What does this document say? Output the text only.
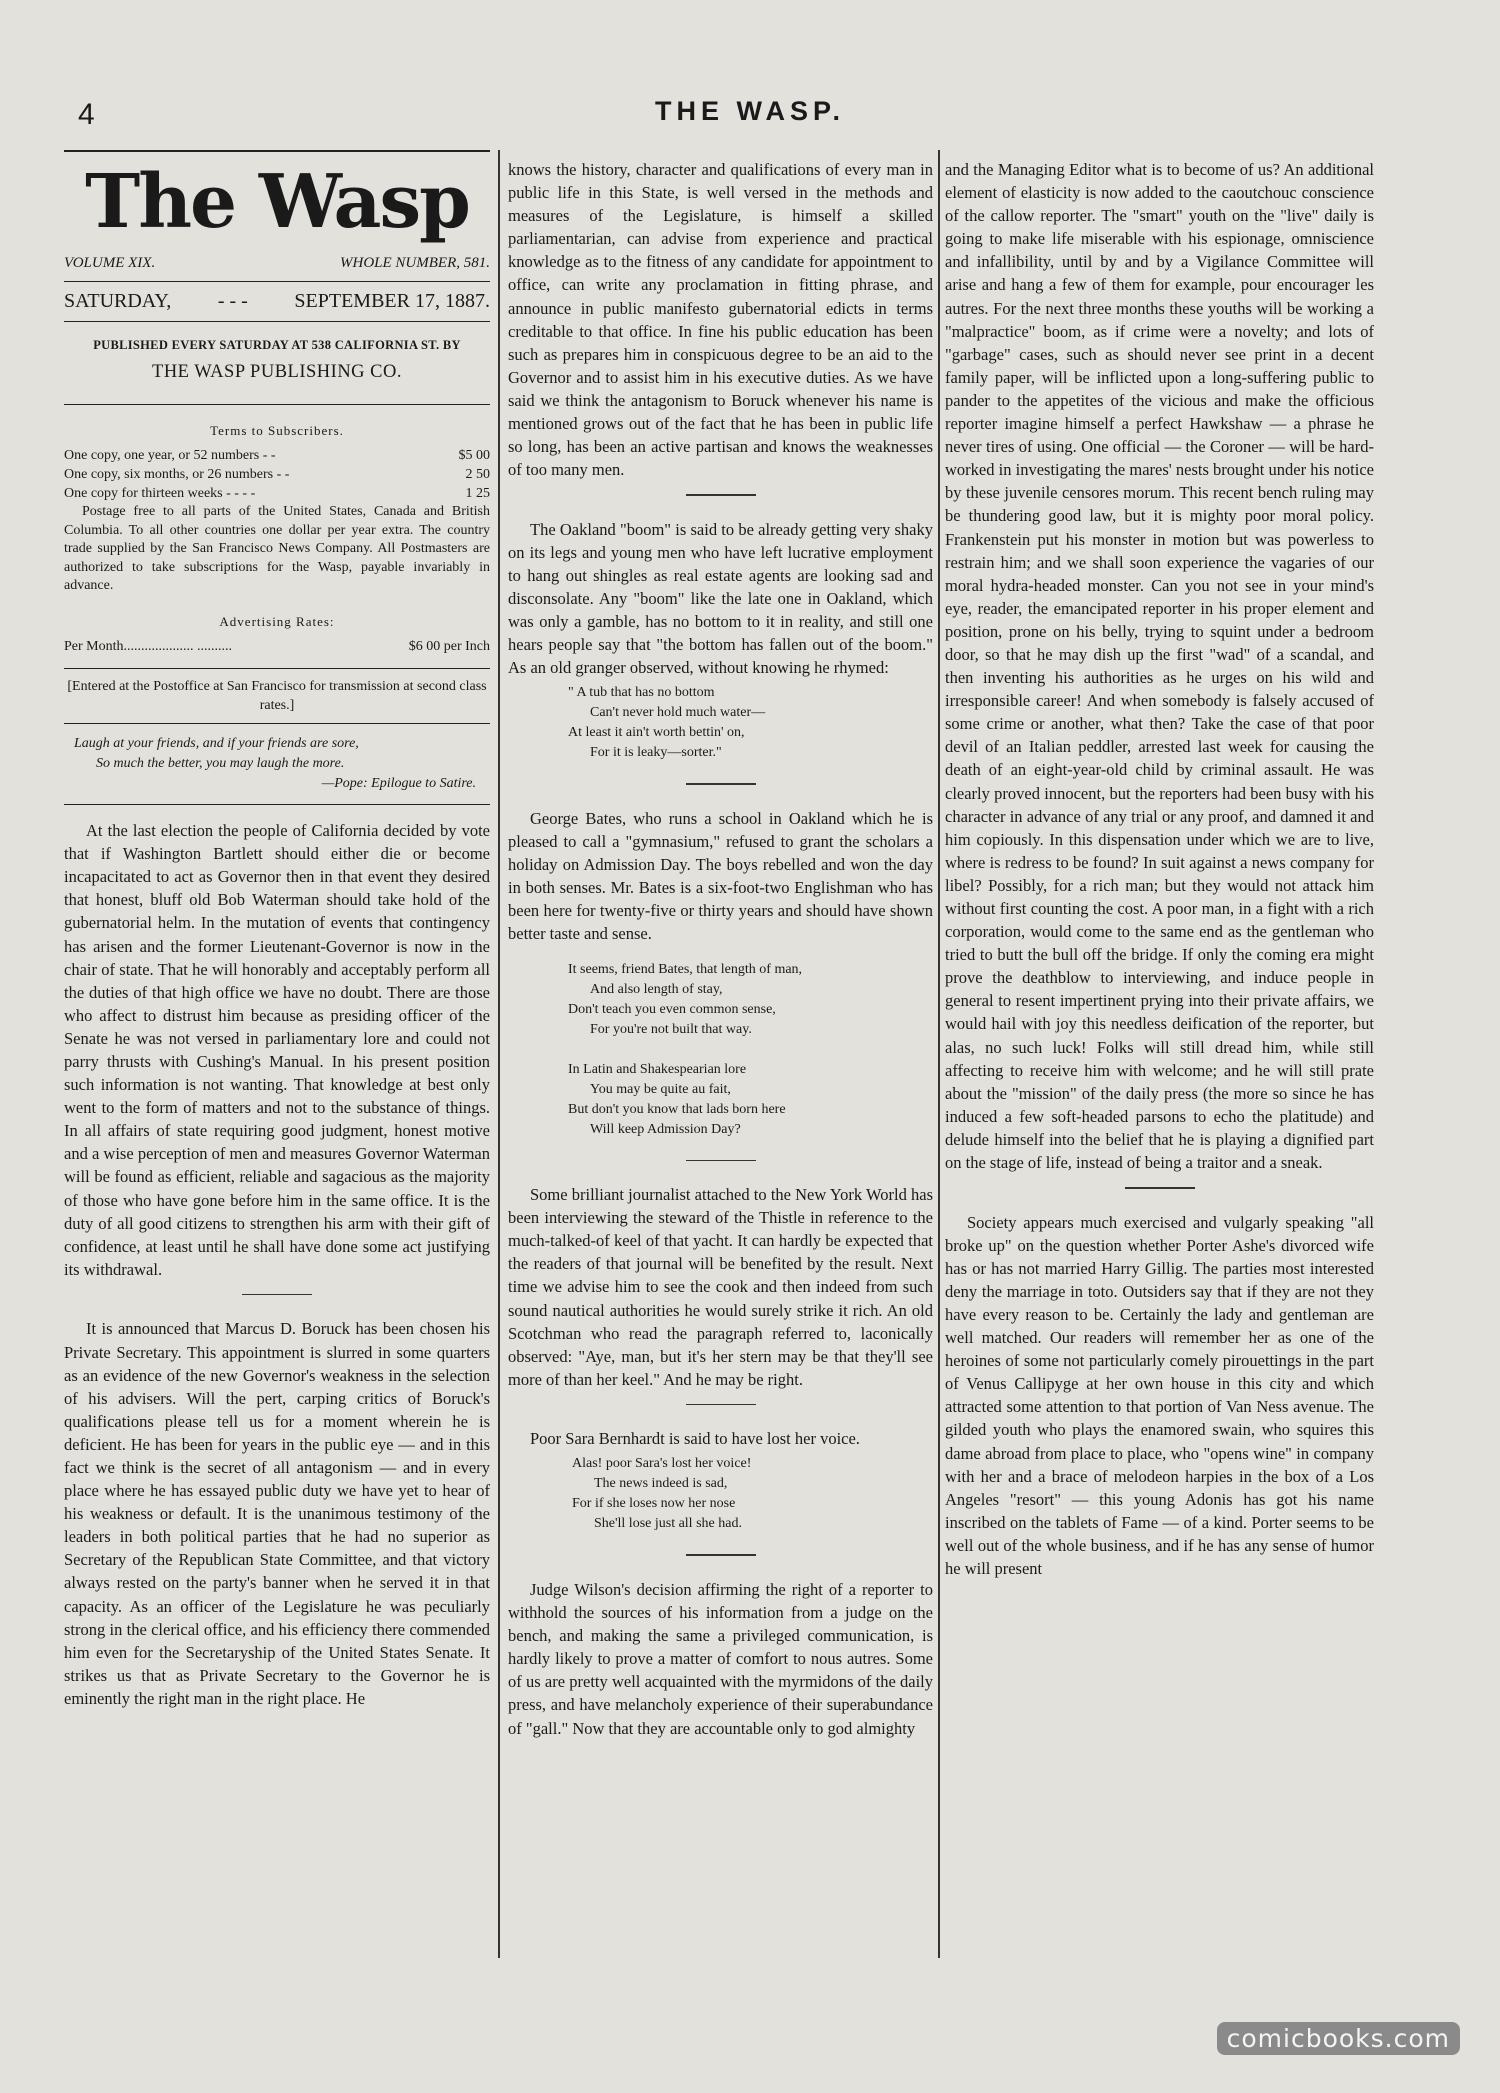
4	THE WASP.
The Wasp
VOLUME XIX.	WHOLE NUMBER, 581.
SATURDAY, - - - SEPTEMBER 17, 1887.
PUBLISHED EVERY SATURDAY AT 538 CALIFORNIA ST. BY
THE WASP PUBLISHING CO.
Terms to Subscribers.
One copy, one year, or 52 numbers - -	$5 00
One copy, six months, or 26 numbers - -	2 50
One copy for thirteen weeks - - - -	1 25

Postage free to all parts of the United States, Canada and British Columbia. To all other countries one dollar per year extra. The country trade supplied by the San Francisco News Company. All Postmasters are authorized to take subscriptions for the Wasp, payable invariably in advance.

Advertising Rates:
Per Month.................... ..........	$6 00 per Inch
[Entered at the Postoffice at San Francisco for transmission at second class rates.]
Laugh at your friends, and if your friends are sore,
So much the better, you may laugh the more.
—Pope: Epilogue to Satire.

At the last election the people of California decided by vote that if Washington Bartlett should either die or become incapacitated to act as Governor then in that event they desired that honest, bluff old Bob Waterman should take hold of the gubernatorial helm. In the mutation of events that contingency has arisen and the former Lieutenant-Governor is now in the chair of state. That he will honorably and acceptably perform all the duties of that high office we have no doubt. There are those who affect to distrust him because as presiding officer of the Senate he was not versed in parliamentary lore and could not parry thrusts with Cushing's Manual. In his present position such information is not wanting. That knowledge at best only went to the form of matters and not to the substance of things. In all affairs of state requiring good judgment, honest motive and a wise perception of men and measures Governor Waterman will be found as efficient, reliable and sagacious as the majority of those who have gone before him in the same office. It is the duty of all good citizens to strengthen his arm with their gift of confidence, at least until he shall have done some act justifying its withdrawal.

It is announced that Marcus D. Boruck has been chosen his Private Secretary. This appointment is slurred in some quarters as an evidence of the new Governor's weakness in the selection of his advisers. Will the pert, carping critics of Boruck's qualifications please tell us for a moment wherein he is deficient. He has been for years in the public eye — and in this fact we think is the secret of all antagonism — and in every place where he has essayed public duty we have yet to hear of his weakness or default. It is the unanimous testimony of the leaders in both political parties that he had no superior as Secretary of the Republican State Committee, and that victory always rested on the party's banner when he served it in that capacity. As an officer of the Legislature he was peculiarly strong in the clerical office, and his efficiency there commended him even for the Secretaryship of the United States Senate. It strikes us that as Private Secretary to the Governor he is eminently the right man in the right place. He

knows the history, character and qualifications of every man in public life in this State, is well versed in the methods and measures of the Legislature, is himself a skilled parliamentarian, can advise from experience and practical knowledge as to the fitness of any candidate for appointment to office, can write any proclamation in fitting phrase, and announce in public manifesto gubernatorial edicts in terms creditable to that office. In fine his public education has been such as prepares him in conspicuous degree to be an aid to the Governor and to assist him in his executive duties. As we have said we think the antagonism to Boruck whenever his name is mentioned grows out of the fact that he has been in public life so long, has been an active partisan and knows the weaknesses of too many men.

The Oakland "boom" is said to be already getting very shaky on its legs and young men who have left lucrative employment to hang out shingles as real estate agents are looking sad and disconsolate. Any "boom" like the late one in Oakland, which was only a gamble, has no bottom to it in reality, and still one hears people say that "the bottom has fallen out of the boom." As an old granger observed, without knowing he rhymed:

" A tub that has no bottom
Can't never hold much water—
At least it ain't worth bettin' on,
For it is leaky—sorter."

George Bates, who runs a school in Oakland which he is pleased to call a "gymnasium," refused to grant the scholars a holiday on Admission Day. The boys rebelled and won the day in both senses. Mr. Bates is a six-foot-two Englishman who has been here for twenty-five or thirty years and should have shown better taste and sense.

It seems, friend Bates, that length of man,
And also length of stay,
Don't teach you even common sense,
For you're not built that way.
In Latin and Shakespearian lore
You may be quite au fait,
But don't you know that lads born here
Will keep Admission Day?

Some brilliant journalist attached to the New York World has been interviewing the steward of the Thistle in reference to the much-talked-of keel of that yacht. It can hardly be expected that the readers of that journal will be benefited by the result. Next time we advise him to see the cook and then indeed from such sound nautical authorities he would surely strike it rich. An old Scotchman who read the paragraph referred to, laconically observed: "Aye, man, but it's her stern may be that they'll see more of than her keel." And he may be right.

Poor Sara Bernhardt is said to have lost her voice.

Alas! poor Sara's lost her voice!
The news indeed is sad,
For if she loses now her nose
She'll lose just all she had.

Judge Wilson's decision affirming the right of a reporter to withhold the sources of his information from a judge on the bench, and making the same a privileged communication, is hardly likely to prove a matter of comfort to nous autres. Some of us are pretty well acquainted with the myrmidons of the daily press, and have melancholy experience of their superabundance of "gall." Now that they are accountable only to god almighty

and the Managing Editor what is to become of us? An additional element of elasticity is now added to the caoutchouc conscience of the callow reporter. The "smart" youth on the "live" daily is going to make life miserable with his espionage, omniscience and infallibility, until by and by a Vigilance Committee will arise and hang a few of them for example, pour encourager les autres. For the next three months these youths will be working a "malpractice" boom, as if crime were a novelty; and lots of "garbage" cases, such as should never see print in a decent family paper, will be inflicted upon a long-suffering public to pander to the appetites of the vicious and make the officious reporter imagine himself a perfect Hawkshaw — a phrase he never tires of using. One official — the Coroner — will be hard-worked in investigating the mares' nests brought under his notice by these juvenile censores morum. This recent bench ruling may be thundering good law, but it is mighty poor moral policy. Frankenstein put his monster in motion but was powerless to restrain him; and we shall soon experience the vagaries of our moral hydra-headed monster. Can you not see in your mind's eye, reader, the emancipated reporter in his proper element and position, prone on his belly, trying to squint under a bedroom door, so that he may dish up the first "wad" of a scandal, and then inventing his authorities as he urges on his wild and irresponsible career! And when somebody is falsely accused of some crime or another, what then? Take the case of that poor devil of an Italian peddler, arrested last week for causing the death of an eight-year-old child by criminal assault. He was clearly proved innocent, but the reporters had been busy with his character in advance of any trial or any proof, and damned it and him copiously. In this dispensation under which we are to live, where is redress to be found? In suit against a news company for libel? Possibly, for a rich man; but they would not attack him without first counting the cost. A poor man, in a fight with a rich corporation, would come to the same end as the gentleman who tried to butt the bull off the bridge. If only the coming era might prove the deathblow to interviewing, and induce people in general to resent impertinent prying into their private affairs, we would hail with joy this needless deification of the reporter, but alas, no such luck! Folks will still dread him, while still affecting to receive him with welcome; and he will still prate about the "mission" of the daily press (the more so since he has induced a few soft-headed parsons to echo the platitude) and delude himself into the belief that he is playing a dignified part on the stage of life, instead of being a traitor and a sneak.

Society appears much exercised and vulgarly speaking "all broke up" on the question whether Porter Ashe's divorced wife has or has not married Harry Gillig. The parties most interested deny the marriage in toto. Outsiders say that if they are not they have every reason to be. Certainly the lady and gentleman are well matched. Our readers will remember her as one of the heroines of some not particularly comely pirouettings in the part of Venus Callipyge at her own house in this city and which attracted some attention to that portion of Van Ness avenue. The gilded youth who plays the enamored swain, who squires this dame abroad from place to place, who "opens wine" in company with her and a brace of melodeon harpies in the box of a Los Angeles "resort" — this young Adonis has got his name inscribed on the tablets of Fame — of a kind. Porter seems to be well out of the whole business, and if he has any sense of humor he will present

comicbooks.com
